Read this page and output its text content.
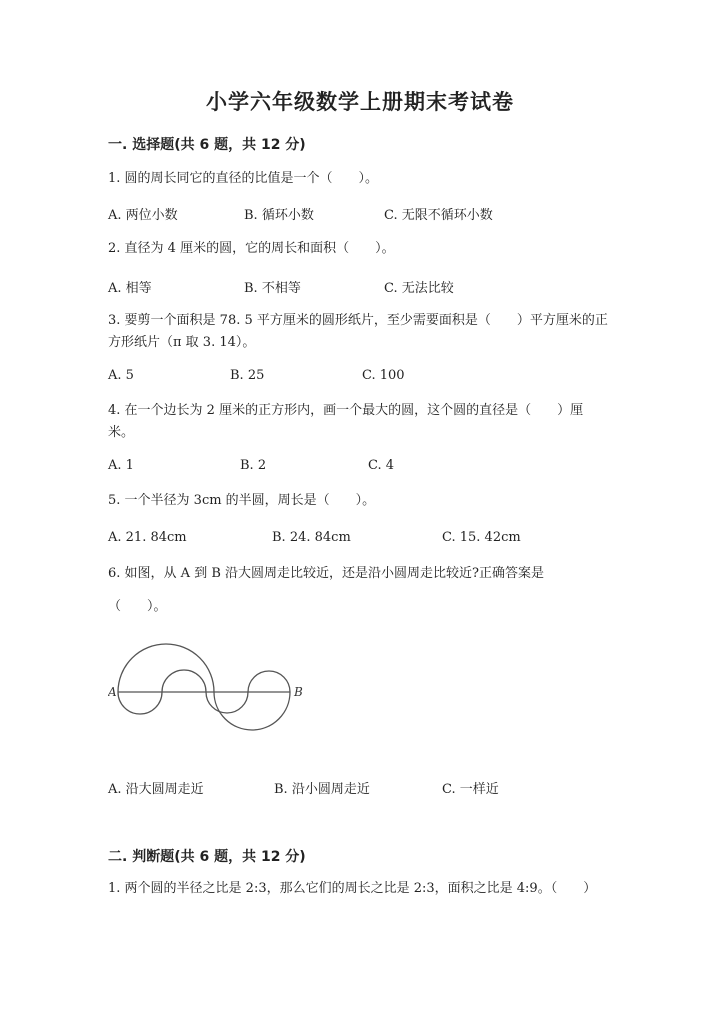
小学六年级数学上册期末考试卷
一. 选择题(共 6 题，共 12 分)
1. 圆的周长同它的直径的比值是一个（　　）。
A. 两位小数	B. 循环小数	C. 无限不循环小数
2. 直径为 4 厘米的圆，它的周长和面积（　　）。
A. 相等	B. 不相等	C. 无法比较
3. 要剪一个面积是 78. 5 平方厘米的圆形纸片，至少需要面积是（　　）平方厘米的正方形纸片（π 取 3. 14）。
A. 5	B. 25	C. 100
4. 在一个边长为 2 厘米的正方形内，画一个最大的圆，这个圆的直径是（　　）厘米。
A. 1	B. 2	C. 4
5. 一个半径为 3cm 的半圆，周长是（　　）。
A. 21. 84cm	B. 24. 84cm	C. 15. 42cm
6. 如图，从 A 到 B 沿大圆周走比较近，还是沿小圆周走比较近?正确答案是
（　　）。
A	B
A. 沿大圆周走近	B. 沿小圆周走近	C. 一样近
二. 判断题(共 6 题，共 12 分)
1. 两个圆的半径之比是 2:3，那么它们的周长之比是 2:3，面积之比是 4:9。（　　）
